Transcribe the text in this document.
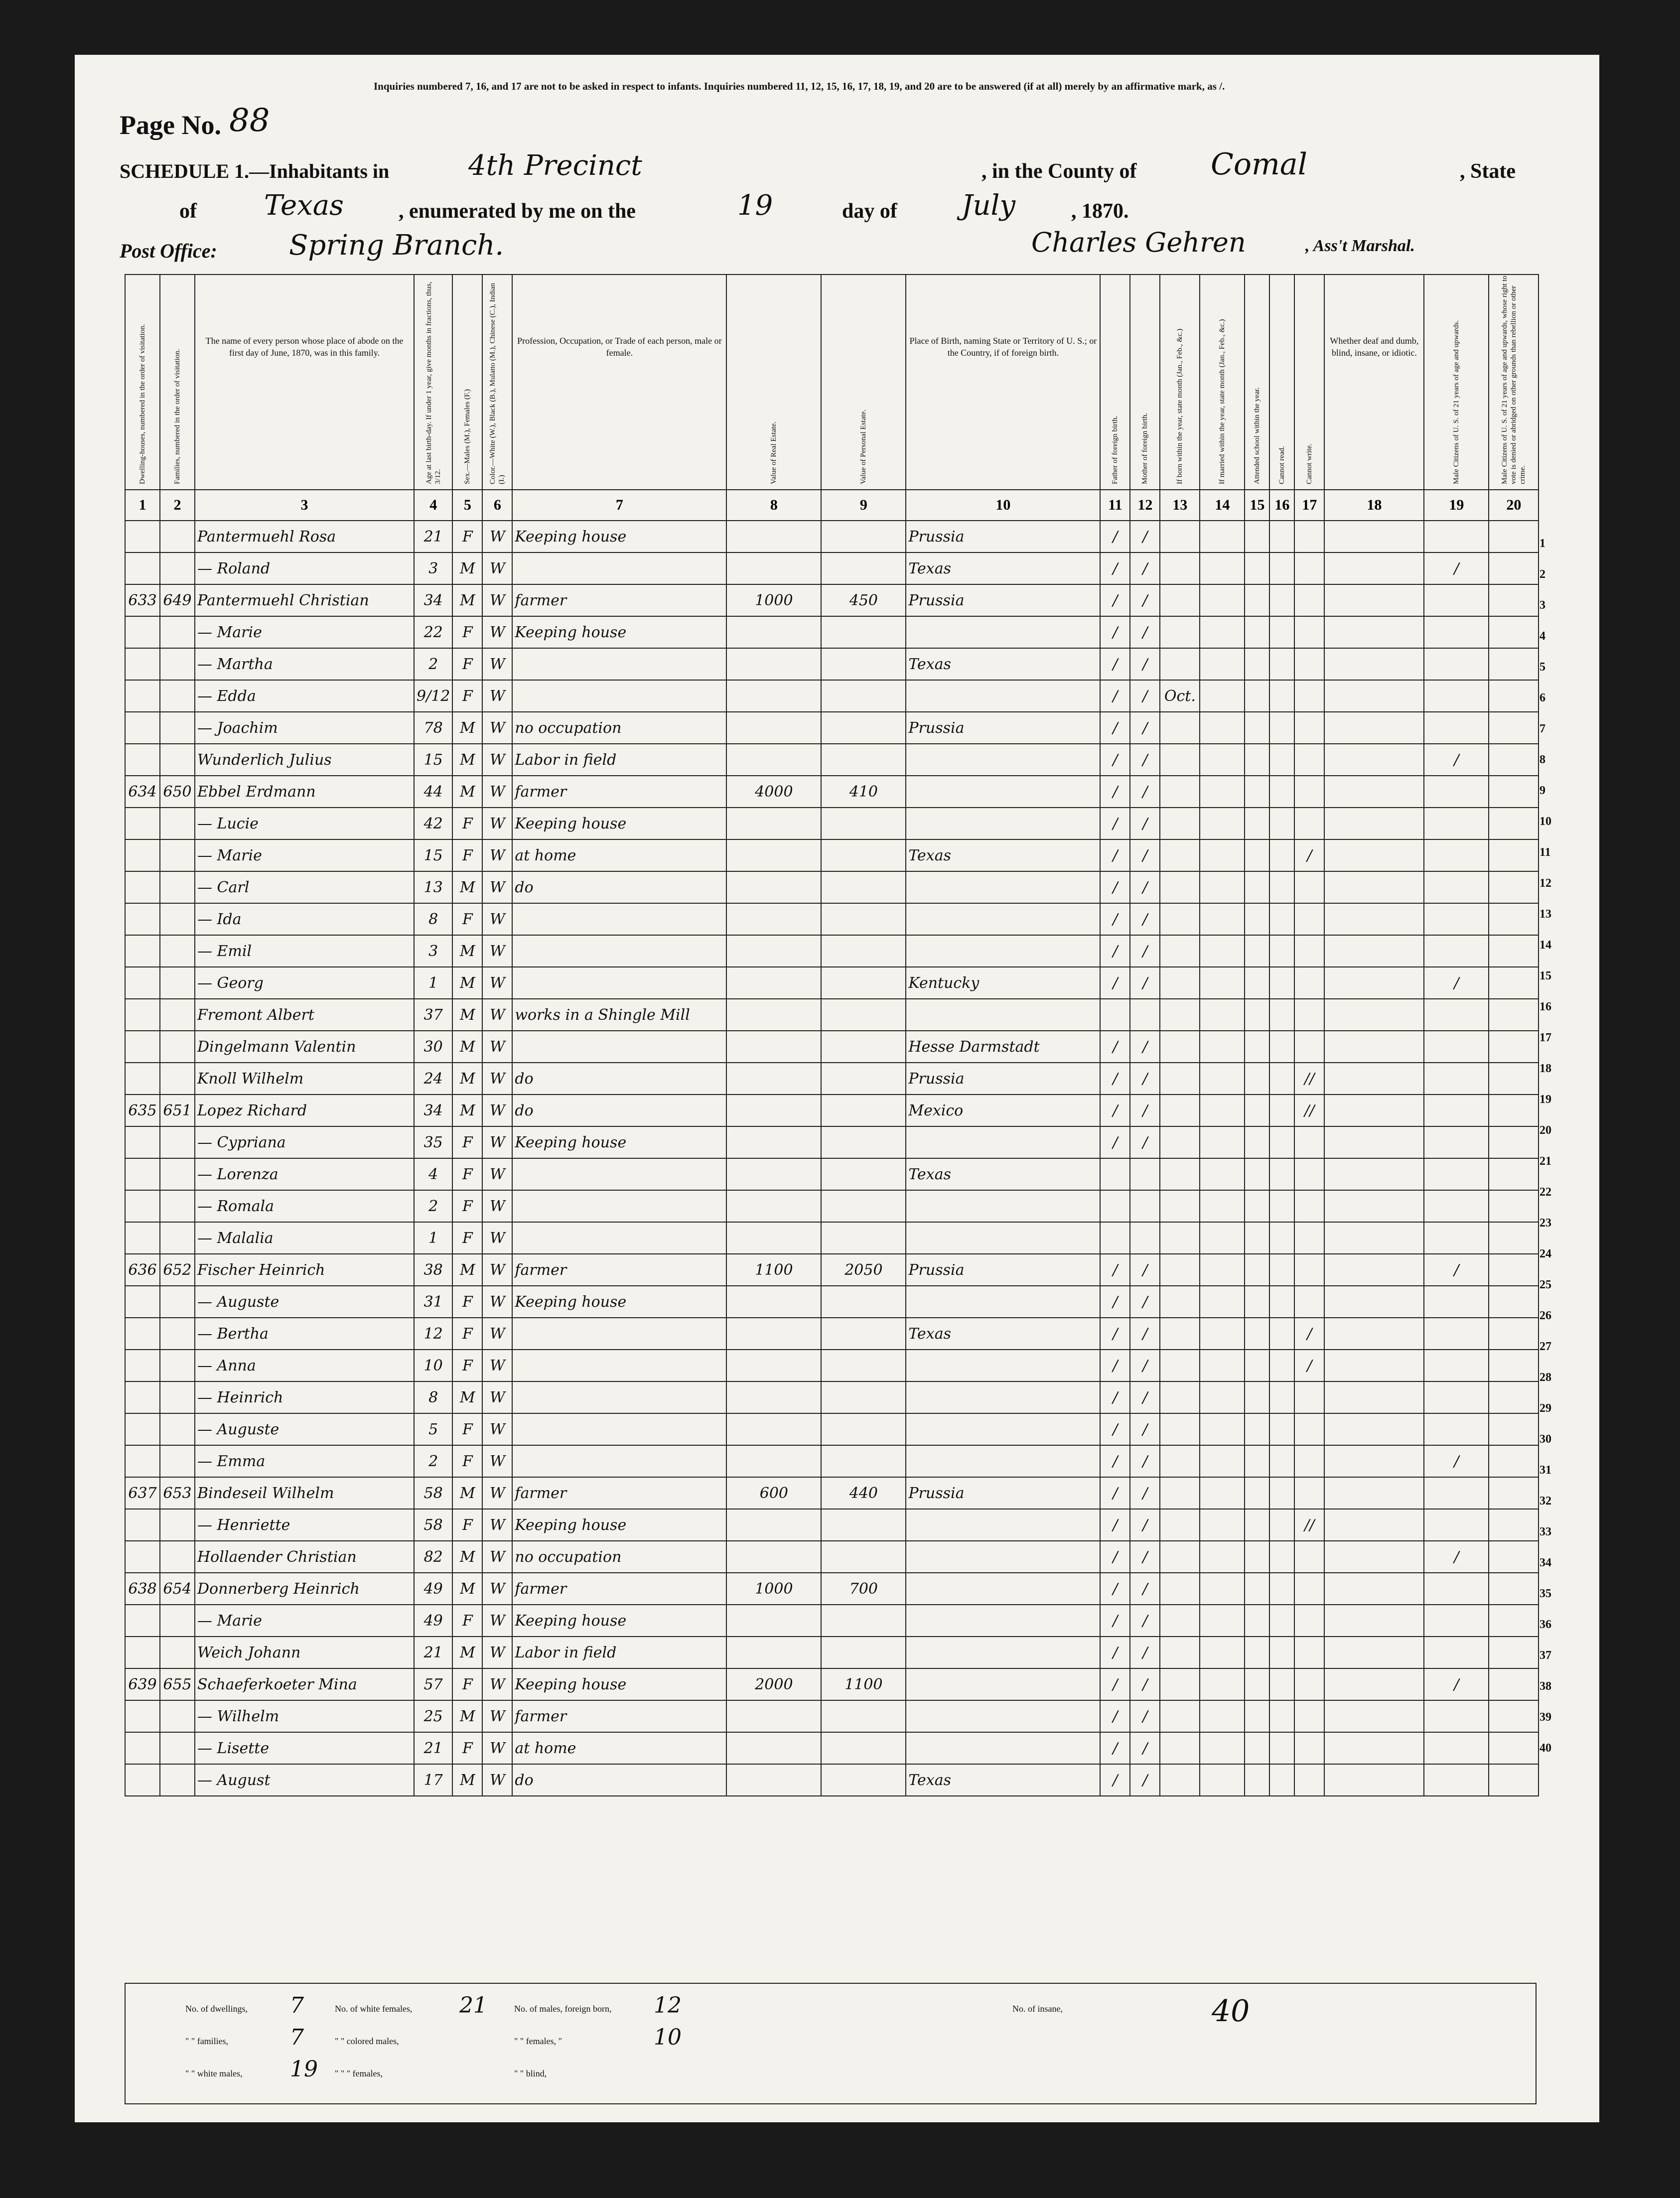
Page No. 88
Inquiries numbered 7, 16, and 17 are not to be asked in respect to infants. Inquiries numbered 11, 12, 15, 16, 17, 18, 19, and 20 are to be answered (if at all) merely by an affirmative mark, as /.
SCHEDULE 1.—Inhabitants in	4th Precinct	, in the County of Comal	, State
of Texas	, enumerated by me on the	19	day of July	, 1870.
Post Office:	Spring Branch.	Charles Gehren	, Ass't Marshal.
Dwelling-houses, numbered in the order of visitation.	Families, numbered in the order of visitation.	The name of every person whose place of abode on the first day of June, 1870, was in this family.	Age at last birth-day. If under 1 year, give months in fractions, thus, 3/12.	Sex.—Males (M.), Females (F.)	Color.—White (W.), Black (B.), Mulatto (M.), Chinese (C.), Indian (I.)	Profession, Occupation, or Trade of each person, male or female.	Value of Real Estate.	Value of Personal Estate.	Place of Birth, naming State or Territory of U. S.; or the Country, if of foreign birth.	Father of foreign birth.	Mother of foreign birth.	If born within the year, state month (Jan., Feb., &c.)	If married within the year, state month (Jan., Feb., &c.)	Attended school within the year.	Cannot read.	Cannot write.	Whether deaf and dumb, blind, insane, or idiotic.	Male Citizens of U. S. of 21 years of age and upwards.	Male Citizens of U. S. of 21 years of age and upwards, whose right to vote is denied or abridged on other grounds than rebellion or other crime.

1	2	3	4	5	6	7	8	9	10	11	12	13	14	15	16	17	18	19	20
		Pantermuehl Rosa	21	F	W	Keeping house			Prussia	/	/								
		— Roland	3	M	W				Texas	/	/							/	
633	649	Pantermuehl Christian	34	M	W	farmer	1000	450	Prussia	/	/								
		— Marie	22	F	W	Keeping house				/	/								
		— Martha	2	F	W				Texas	/	/								
		— Edda	9/12	F	W					/	/	Oct.							
		— Joachim	78	M	W	no occupation			Prussia	/	/								
		Wunderlich Julius	15	M	W	Labor in field				/	/							/	
634	650	Ebbel Erdmann	44	M	W	farmer	4000	410		/	/								
		— Lucie	42	F	W	Keeping house				/	/								
		— Marie	15	F	W	at home			Texas	/	/					/			
		— Carl	13	M	W	do				/	/								
		— Ida	8	F	W					/	/								
		— Emil	3	M	W					/	/								
		— Georg	1	M	W				Kentucky	/	/							/	
		Fremont Albert	37	M	W	works in a Shingle Mill													
		Dingelmann Valentin	30	M	W				Hesse Darmstadt	/	/								
		Knoll Wilhelm	24	M	W	do			Prussia	/	/					//			
635	651	Lopez Richard	34	M	W	do			Mexico	/	/					//			
		— Cypriana	35	F	W	Keeping house				/	/								
		— Lorenza	4	F	W				Texas										
		— Romala	2	F	W														
		— Malalia	1	F	W														
636	652	Fischer Heinrich	38	M	W	farmer	1100	2050	Prussia	/	/							/	
		— Auguste	31	F	W	Keeping house				/	/								
		— Bertha	12	F	W				Texas	/	/					/			
		— Anna	10	F	W					/	/					/			
		— Heinrich	8	M	W					/	/								
		— Auguste	5	F	W					/	/								
		— Emma	2	F	W					/	/							/	
637	653	Bindeseil Wilhelm	58	M	W	farmer	600	440	Prussia	/	/								
		— Henriette	58	F	W	Keeping house				/	/					//			
		Hollaender Christian	82	M	W	no occupation				/	/							/	
638	654	Donnerberg Heinrich	49	M	W	farmer	1000	700		/	/								
		— Marie	49	F	W	Keeping house				/	/								
		Weich Johann	21	M	W	Labor in field				/	/								
639	655	Schaeferkoeter Mina	57	F	W	Keeping house	2000	1100		/	/							/	
		— Wilhelm	25	M	W	farmer				/	/								
		— Lisette	21	F	W	at home				/	/								
		— August	17	M	W	do			Texas	/	/								
1
2
3
4
5
6
7
8
9
10
11
12
13
14
15
16
17
18
19
20
21
22
23
24
25
26
27
28
29
30
31
32
33
34
35
36
37
38
39
40
No. of dwellings, 7	No. of white females, 21	No. of males, foreign born, 12
" " families,	7	" " colored males,	" " females, "	10
" " white males, 19 " " " females,	" " blind,
No. of insane,	40
